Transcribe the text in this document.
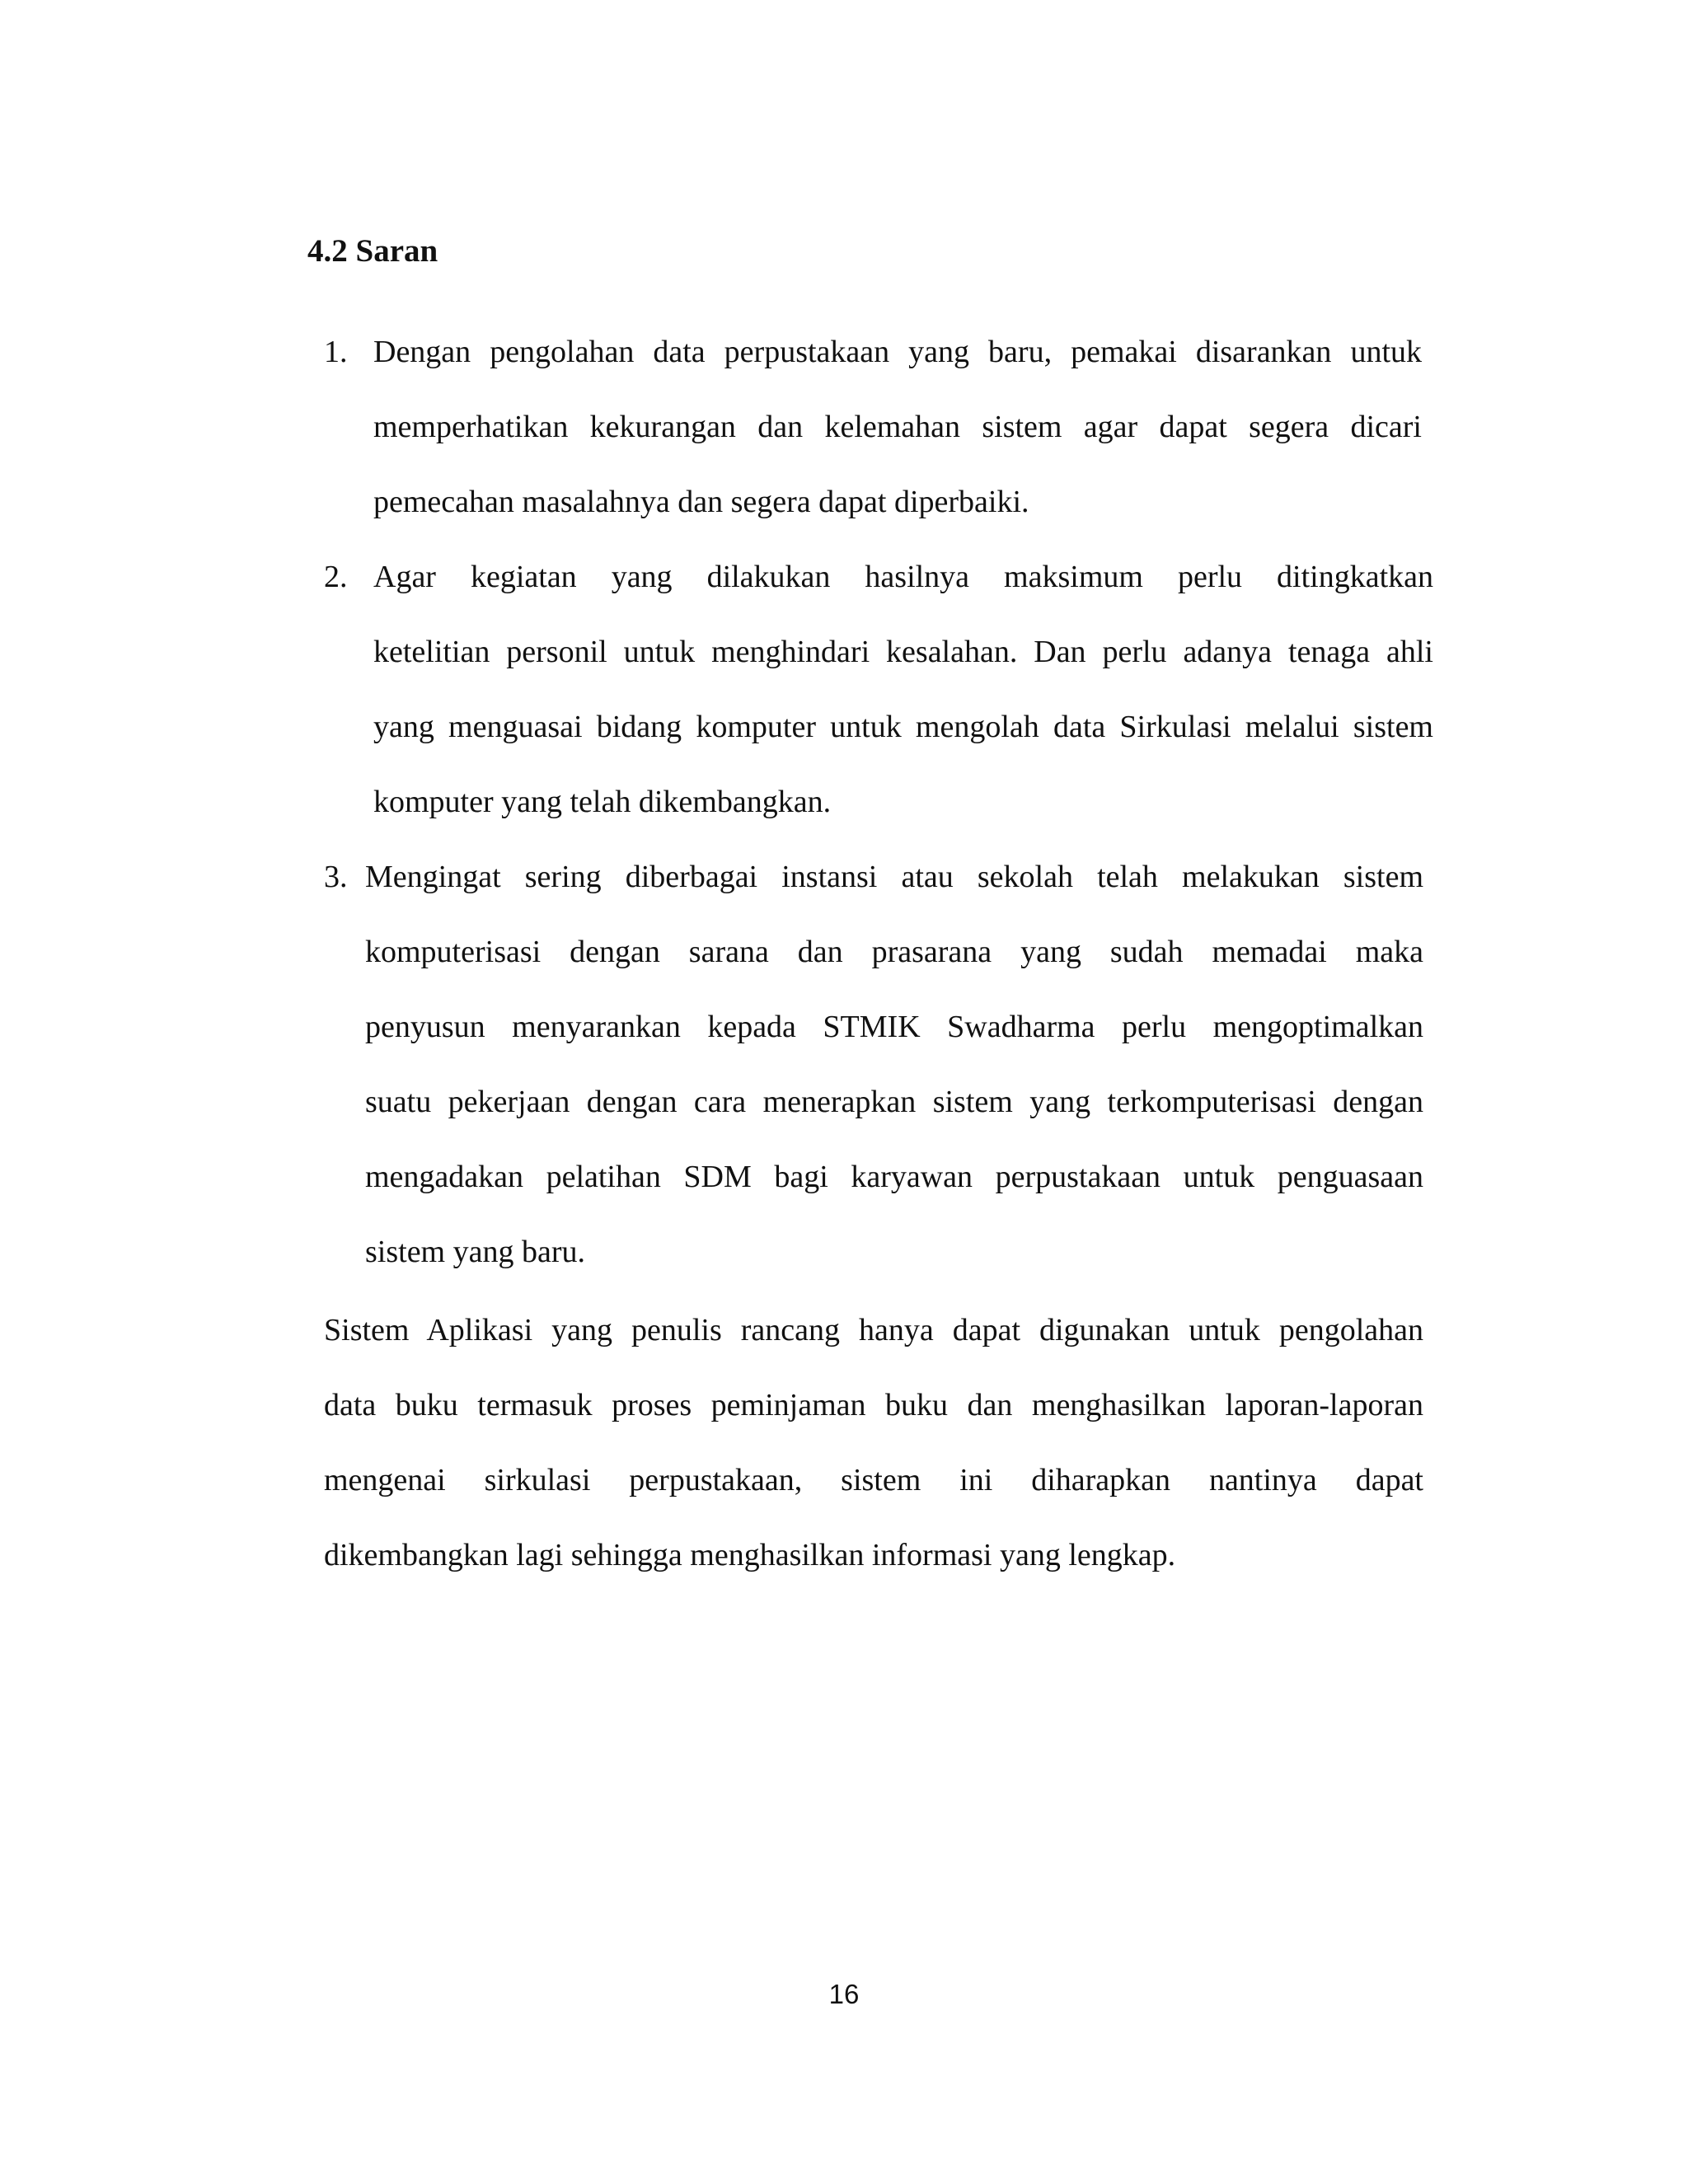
4.2 Saran
1. Dengan pengolahan data perpustakaan yang baru, pemakai disarankan untuk
memperhatikan kekurangan dan kelemahan sistem agar dapat segera dicari
pemecahan masalahnya dan segera dapat diperbaiki.
2. Agar kegiatan yang dilakukan hasilnya maksimum perlu ditingkatkan
ketelitian personil untuk menghindari kesalahan. Dan perlu adanya tenaga ahli
yang menguasai bidang komputer untuk mengolah data Sirkulasi melalui sistem
komputer yang telah dikembangkan.
3. Mengingat sering diberbagai instansi atau sekolah telah melakukan sistem
komputerisasi dengan sarana dan prasarana yang sudah memadai maka
penyusun menyarankan kepada STMIK Swadharma perlu mengoptimalkan
suatu pekerjaan dengan cara menerapkan sistem yang terkomputerisasi dengan
mengadakan pelatihan SDM bagi karyawan perpustakaan untuk penguasaan
sistem yang baru.
Sistem Aplikasi yang penulis rancang hanya dapat digunakan untuk pengolahan
data buku termasuk proses peminjaman buku dan menghasilkan laporan-laporan
mengenai sirkulasi perpustakaan, sistem ini diharapkan nantinya dapat
dikembangkan lagi sehingga menghasilkan informasi yang lengkap.
16
